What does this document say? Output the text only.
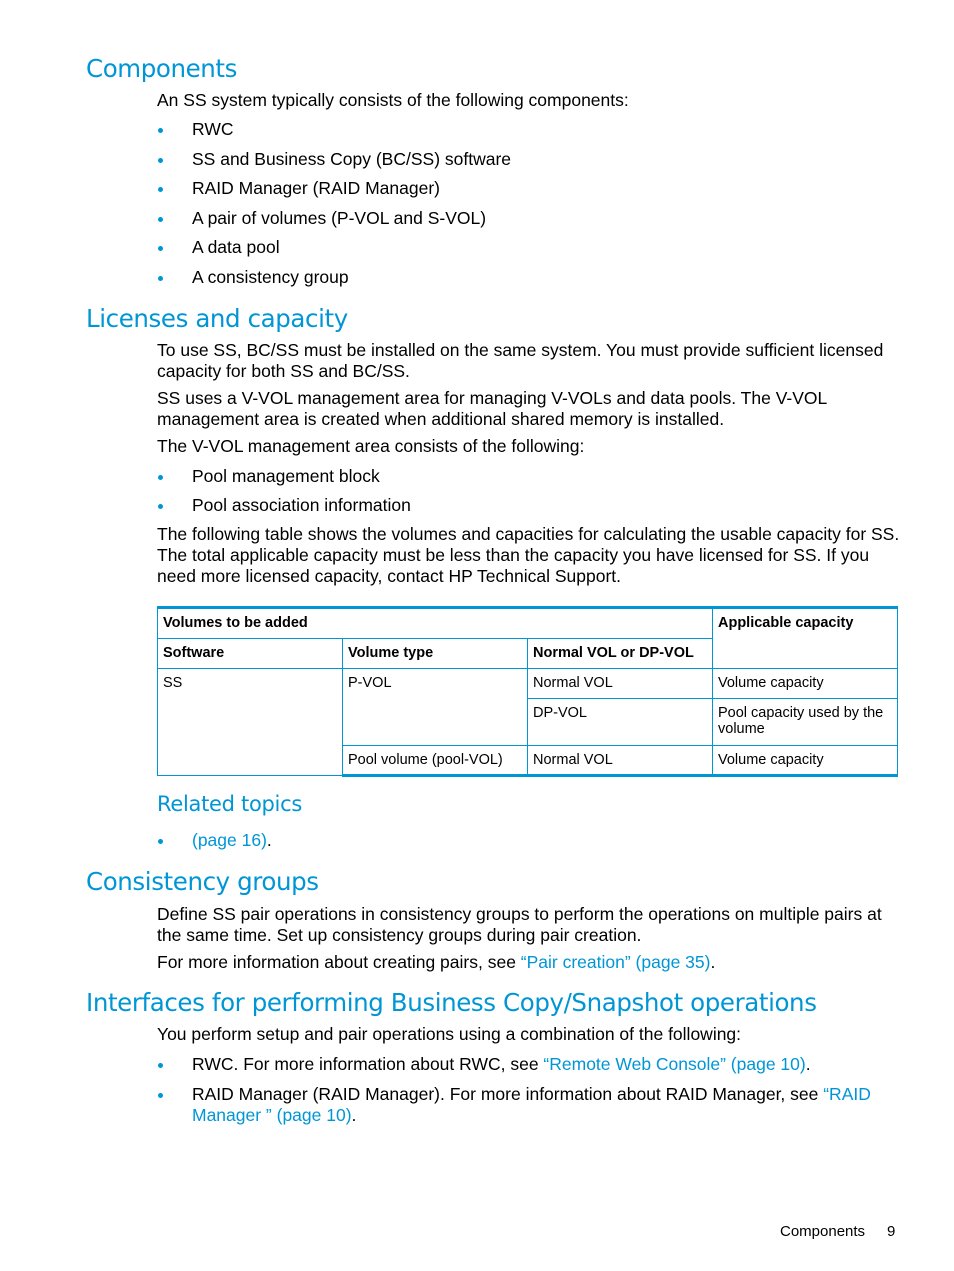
Components

An SS system typically consists of the following components:

RWC
SS and Business Copy (BC/SS) software
RAID Manager (RAID Manager)
A pair of volumes (P-VOL and S-VOL)
A data pool
A consistency group
Licenses and capacity

To use SS, BC/SS must be installed on the same system. You must provide sufficient licensed capacity for both SS and BC/SS.

SS uses a V-VOL management area for managing V-VOLs and data pools. The V-VOL management area is created when additional shared memory is installed.

The V-VOL management area consists of the following:

Pool management block
Pool association information

The following table shows the volumes and capacities for calculating the usable capacity for SS. The total applicable capacity must be less than the capacity you have licensed for SS. If you need more licensed capacity, contact HP Technical Support.

Volumes to be added			Applicable capacity
Software	Volume type	Normal VOL or DP-VOL	
SS	P-VOL	Normal VOL	Volume capacity
		DP-VOL	Pool capacity used by the volume
	Pool volume (pool-VOL)	Normal VOL	Volume capacity
Related topics
(page 16).
Consistency groups

Define SS pair operations in consistency groups to perform the operations on multiple pairs at the same time. Set up consistency groups during pair creation.

For more information about creating pairs, see “Pair creation” (page 35).

Interfaces for performing Business Copy/Snapshot operations

You perform setup and pair operations using a combination of the following:

RWC. For more information about RWC, see “Remote Web Console” (page 10).
RAID Manager (RAID Manager). For more information about RAID Manager, see “RAID Manager ” (page 10).
Components 9
